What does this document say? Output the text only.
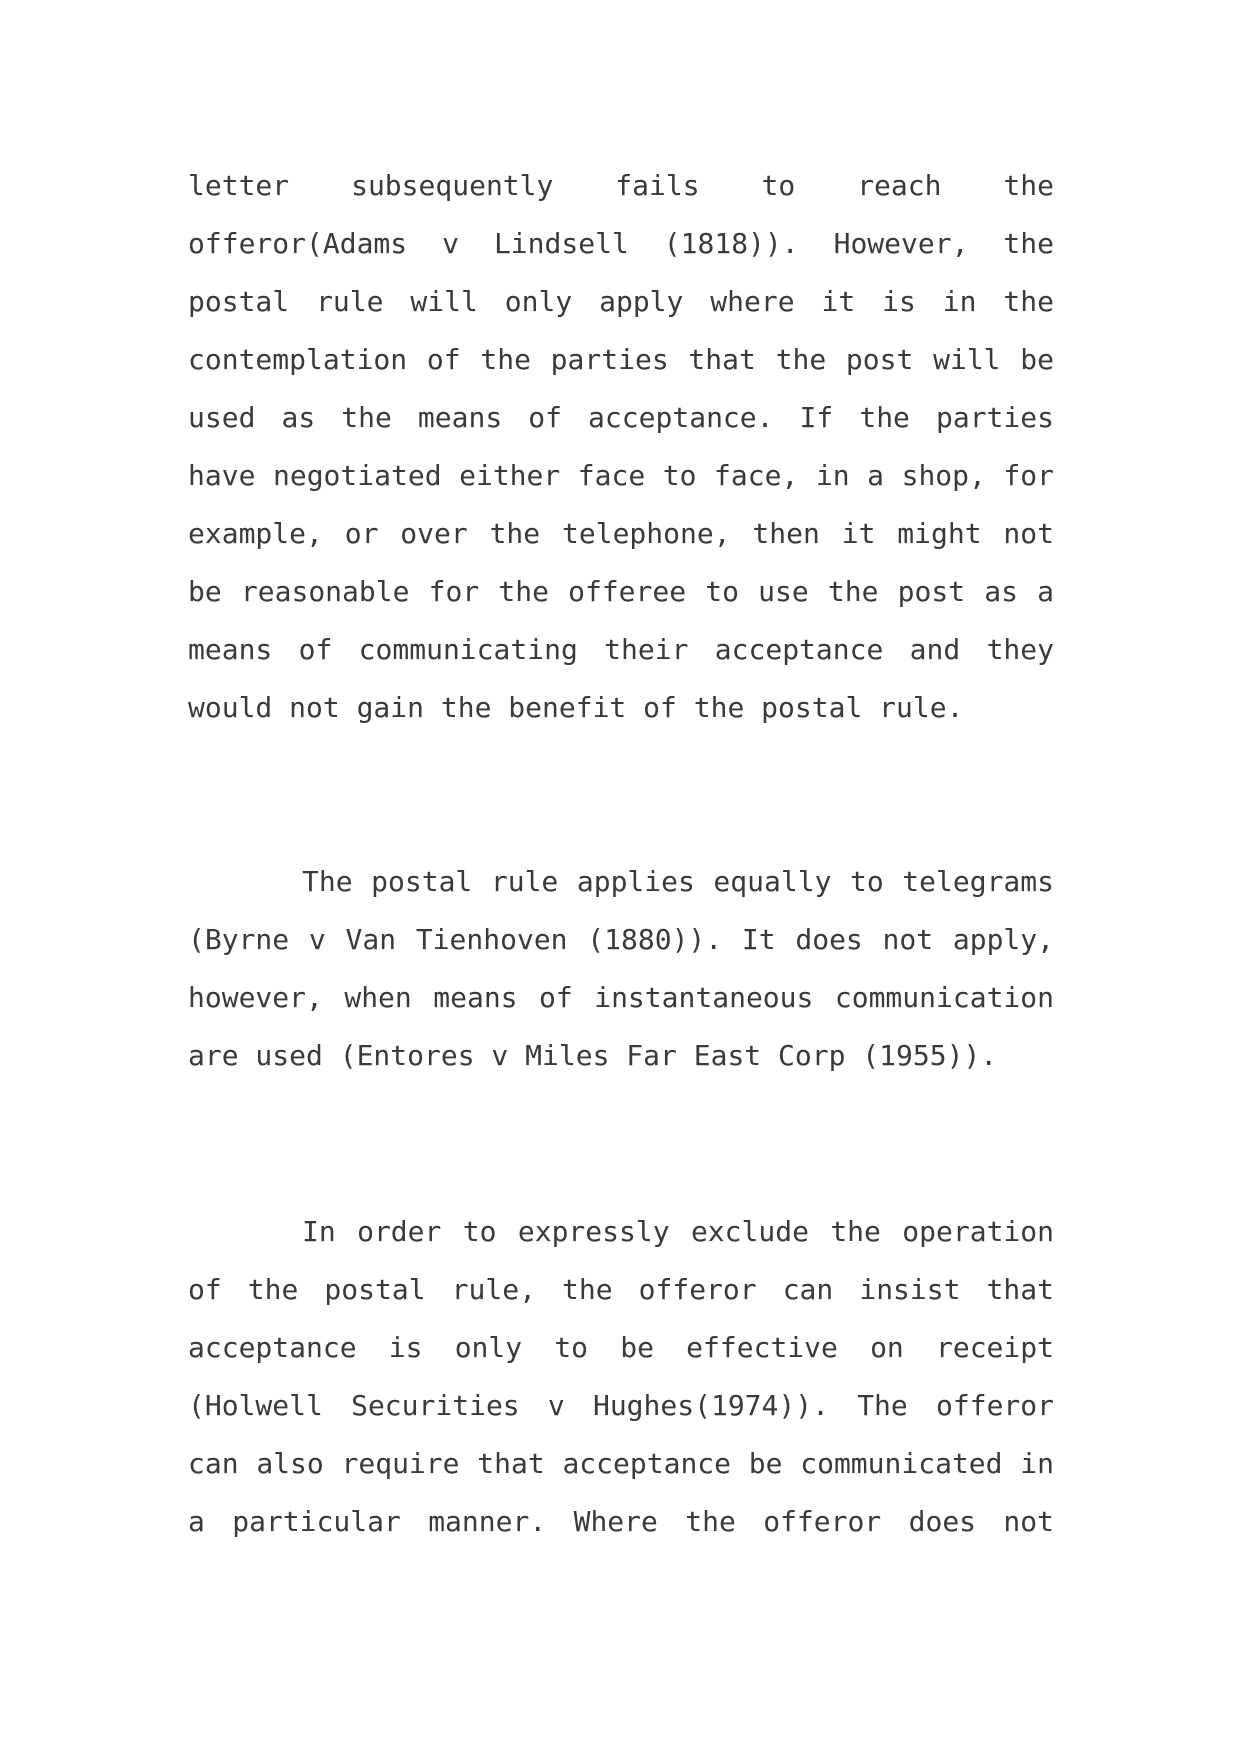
letter subsequently fails to reach the
offeror(Adams v Lindsell (1818)). However, the
postal rule will only apply where it is in the
contemplation of the parties that the post will be
used as the means of acceptance. If the parties
have negotiated either face to face, in a shop, for
example, or over the telephone, then it might not
be reasonable for the offeree to use the post as a
means of communicating their acceptance and they
would not gain the benefit of the postal rule.
The postal rule applies equally to telegrams
(Byrne v Van Tienhoven (1880)). It does not apply,
however, when means of instantaneous communication
are used (Entores v Miles Far East Corp (1955)).
In order to expressly exclude the operation
of the postal rule, the offeror can insist that
acceptance is only to be effective on receipt
(Holwell Securities v Hughes(1974)). The offeror
can also require that acceptance be communicated in
a particular manner. Where the offeror does not
